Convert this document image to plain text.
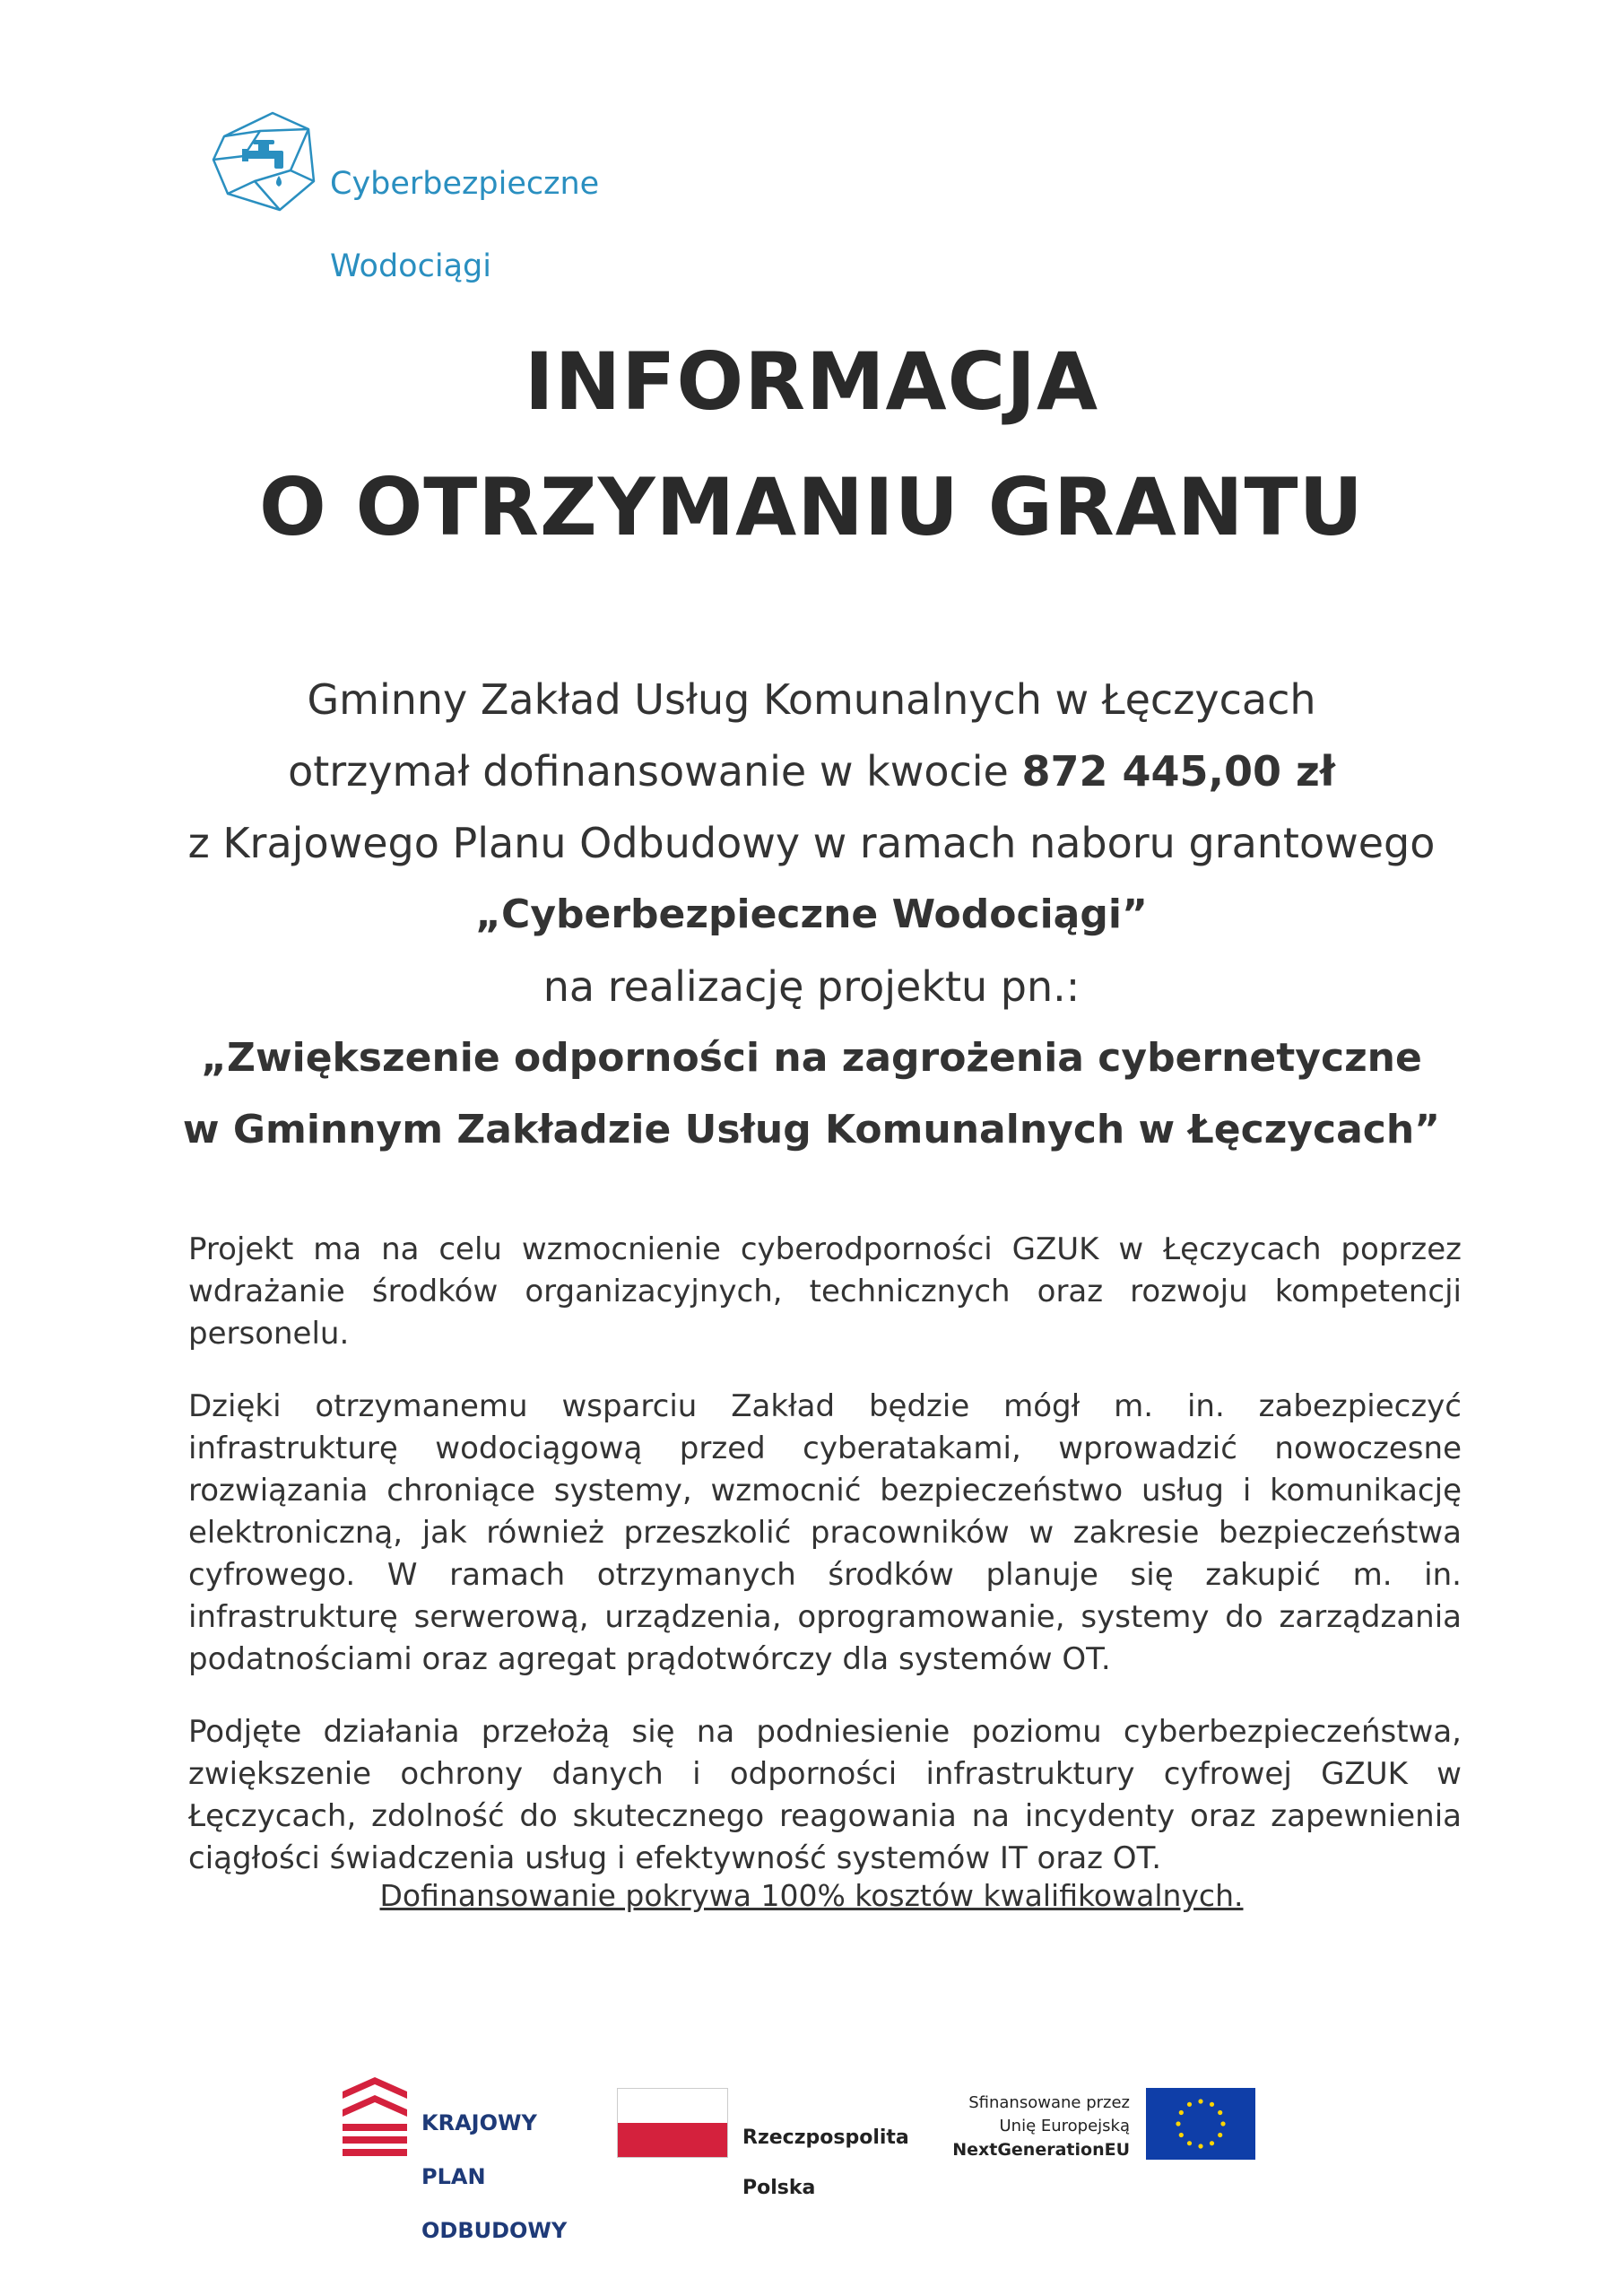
Cyberbezpieczne

Wodociągi

INFORMACJA
O OTRZYMANIU GRANTU
Gminny Zakład Usług Komunalnych w Łęczycach
otrzymał dofinansowanie w kwocie 872 445,00 zł
z Krajowego Planu Odbudowy w ramach naboru grantowego
„Cyberbezpieczne Wodociągi”
na realizację projektu pn.:
„Zwiększenie odporności na zagrożenia cybernetyczne
w Gminnym Zakładzie Usług Komunalnych w Łęczycach”

Projekt ma na celu wzmocnienie cyberodporności GZUK w Łęczycach poprzez wdrażanie środków organizacyjnych, technicznych oraz rozwoju kompetencji personelu.

Dzięki otrzymanemu wsparciu Zakład będzie mógł m. in. zabezpieczyć infrastrukturę wodociągową przed cyberatakami, wprowadzić nowoczesne rozwiązania chroniące systemy, wzmocnić bezpieczeństwo usług i komunikację elektroniczną, jak również przeszkolić pracowników w zakresie bezpieczeństwa cyfrowego. W ramach otrzymanych środków planuje się zakupić m. in. infrastrukturę serwerową, urządzenia, oprogramowanie, systemy do zarządzania podatnościami oraz agregat prądotwórczy dla systemów OT.

Podjęte działania przełożą się na podniesienie poziomu cyberbezpieczeństwa, zwiększenie ochrony danych i odporności infrastruktury cyfrowej GZUK w Łęczycach, zdolność do skutecznego reagowania na incydenty oraz zapewnienia ciągłości świadczenia usług i efektywność systemów IT oraz OT.

Dofinansowanie pokrywa 100% kosztów kwalifikowalnych.

KRAJOWY

PLAN

ODBUDOWY

Rzeczpospolita

Polska

Sfinansowane przez
Unię Europejską
NextGenerationEU
